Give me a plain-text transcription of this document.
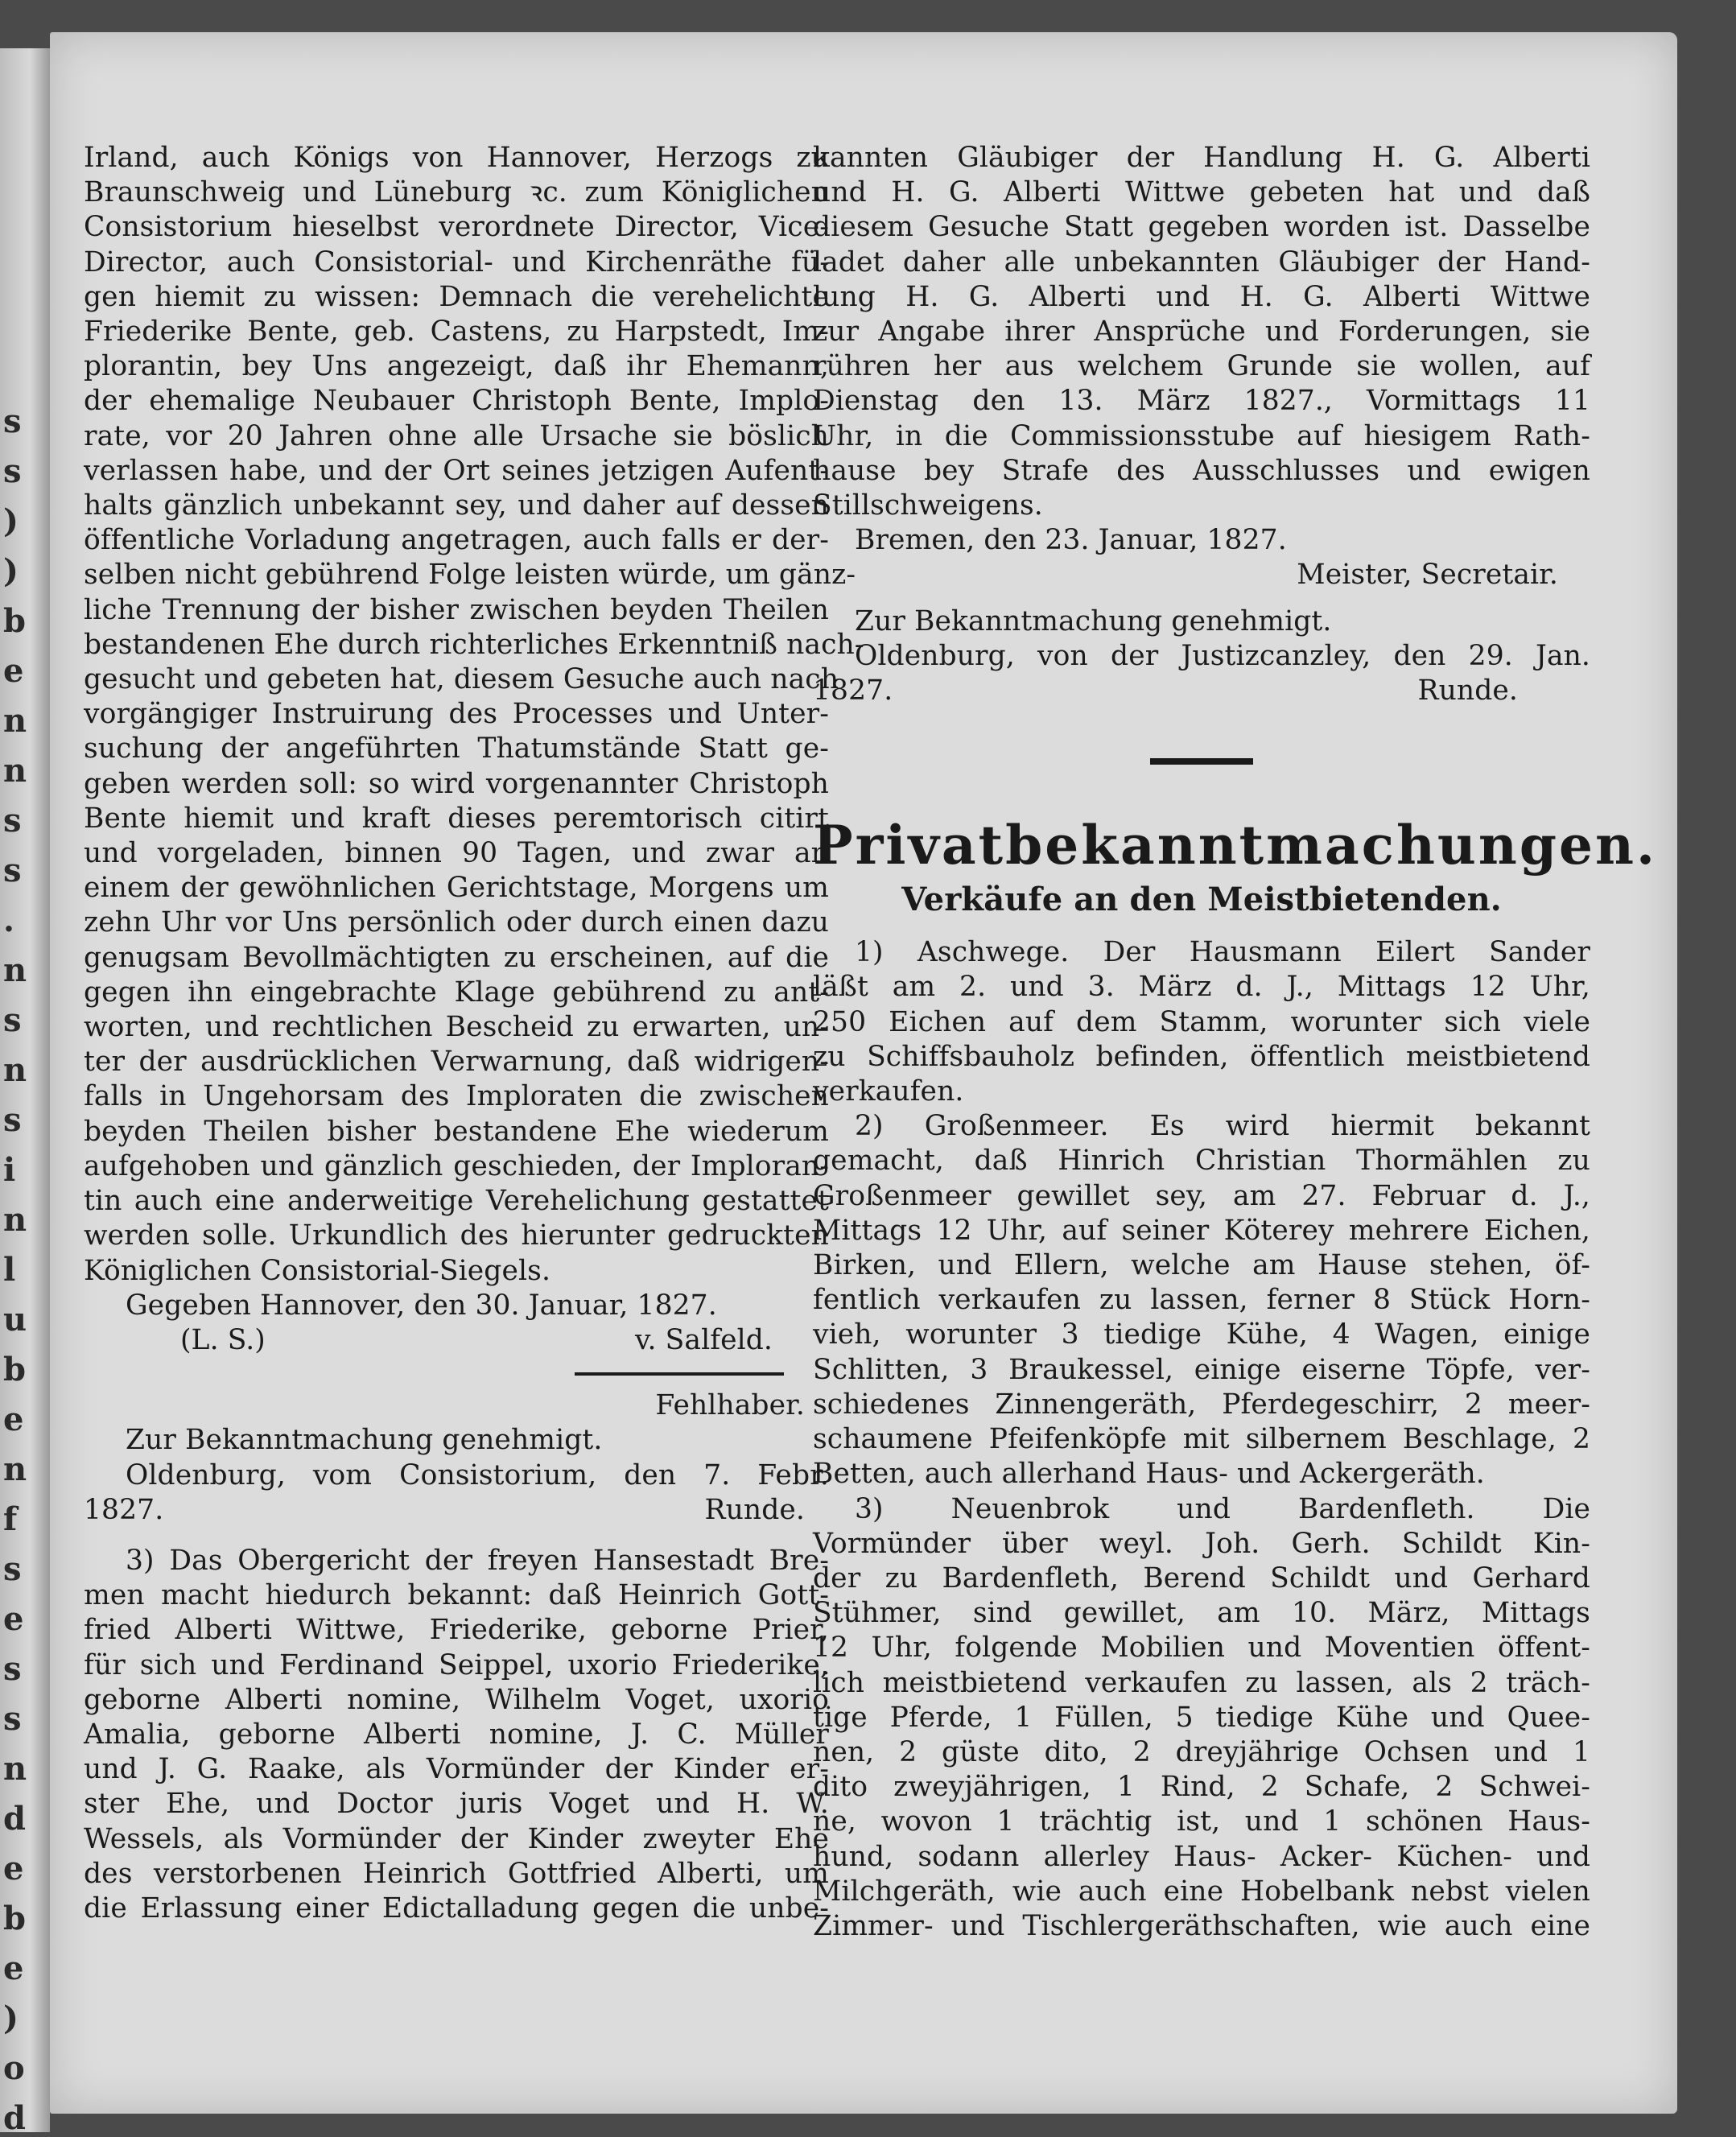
s
s
)
)
b
e
n
n
s
s
.
n
s
n
s
i
n
l
u
b
e
n
f
s
e
s
s
n
d
e
b
e
)
o
d
Irland, auch Königs von Hannover, Herzogs zu
Braunschweig und Lüneburg ꝛc. zum Königlichen
Consistorium hieselbst verordnete Director, Vice-
Director, auch Consistorial- und Kirchenräthe fü-
gen hiemit zu wissen: Demnach die verehelichte
Friederike Bente, geb. Castens, zu Harpstedt, Im-
plorantin, bey Uns angezeigt, daß ihr Ehemann,
der ehemalige Neubauer Christoph Bente, Implo-
rate, vor 20 Jahren ohne alle Ursache sie böslich
verlassen habe, und der Ort seines jetzigen Aufent-
halts gänzlich unbekannt sey, und daher auf dessen
öffentliche Vorladung angetragen, auch falls er der-
selben nicht gebührend Folge leisten würde, um gänz-
liche Trennung der bisher zwischen beyden Theilen
bestandenen Ehe durch richterliches Erkenntniß nach-
gesucht und gebeten hat, diesem Gesuche auch nach
vorgängiger Instruirung des Processes und Unter-
suchung der angeführten Thatumstände Statt ge-
geben werden soll: so wird vorgenannter Christoph
Bente hiemit und kraft dieses peremtorisch citirt
und vorgeladen, binnen 90 Tagen, und zwar an
einem der gewöhnlichen Gerichtstage, Morgens um
zehn Uhr vor Uns persönlich oder durch einen dazu
genugsam Bevollmächtigten zu erscheinen, auf die
gegen ihn eingebrachte Klage gebührend zu ant-
worten, und rechtlichen Bescheid zu erwarten, un-
ter der ausdrücklichen Verwarnung, daß widrigen-
falls in Ungehorsam des Imploraten die zwischen
beyden Theilen bisher bestandene Ehe wiederum
aufgehoben und gänzlich geschieden, der Imploran-
tin auch eine anderweitige Verehelichung gestattet
werden solle. Urkundlich des hierunter gedruckten
Königlichen Consistorial-Siegels.
Gegeben Hannover, den 30. Januar, 1827.
(L. S.)	v. Salfeld.
Fehlhaber.
Zur Bekanntmachung genehmigt.
Oldenburg, vom Consistorium, den 7. Febr.
1827.	Runde.
3) Das Obergericht der freyen Hansestadt Bre-
men macht hiedurch bekannt: daß Heinrich Gott-
fried Alberti Wittwe, Friederike, geborne Prier,
für sich und Ferdinand Seippel, uxorio Friederike,
geborne Alberti nomine, Wilhelm Voget, uxorio
Amalia, geborne Alberti nomine, J. C. Müller
und J. G. Raake, als Vormünder der Kinder er-
ster Ehe, und Doctor juris Voget und H. W.
Wessels, als Vormünder der Kinder zweyter Ehe
des verstorbenen Heinrich Gottfried Alberti, um
die Erlassung einer Edictalladung gegen die unbe-
kannten Gläubiger der Handlung H. G. Alberti
und H. G. Alberti Wittwe gebeten hat und daß
diesem Gesuche Statt gegeben worden ist. Dasselbe
ladet daher alle unbekannten Gläubiger der Hand-
lung H. G. Alberti und H. G. Alberti Wittwe
zur Angabe ihrer Ansprüche und Forderungen, sie
rühren her aus welchem Grunde sie wollen, auf
Dienstag den 13. März 1827., Vormittags 11
Uhr, in die Commissionsstube auf hiesigem Rath-
hause bey Strafe des Ausschlusses und ewigen
Stillschweigens.
Bremen, den 23. Januar, 1827.
Meister, Secretair.
Zur Bekanntmachung genehmigt.
Oldenburg, von der Justizcanzley, den 29. Jan.
1827.	Runde.
Privatbekanntmachungen.
Verkäufe an den Meistbietenden.
1) Aschwege. Der Hausmann Eilert Sander
läßt am 2. und 3. März d. J., Mittags 12 Uhr,
250 Eichen auf dem Stamm, worunter sich viele
zu Schiffsbauholz befinden, öffentlich meistbietend
verkaufen.
2) Großenmeer. Es wird hiermit bekannt
gemacht, daß Hinrich Christian Thormählen zu
Großenmeer gewillet sey, am 27. Februar d. J.,
Mittags 12 Uhr, auf seiner Köterey mehrere Eichen,
Birken, und Ellern, welche am Hause stehen, öf-
fentlich verkaufen zu lassen, ferner 8 Stück Horn-
vieh, worunter 3 tiedige Kühe, 4 Wagen, einige
Schlitten, 3 Braukessel, einige eiserne Töpfe, ver-
schiedenes Zinnengeräth, Pferdegeschirr, 2 meer-
schaumene Pfeifenköpfe mit silbernem Beschlage, 2
Betten, auch allerhand Haus- und Ackergeräth.
3) Neuenbrok und Bardenfleth. Die
Vormünder über weyl. Joh. Gerh. Schildt Kin-
der zu Bardenfleth, Berend Schildt und Gerhard
Stühmer, sind gewillet, am 10. März, Mittags
12 Uhr, folgende Mobilien und Moventien öffent-
lich meistbietend verkaufen zu lassen, als 2 träch-
tige Pferde, 1 Füllen, 5 tiedige Kühe und Quee-
nen, 2 güste dito, 2 dreyjährige Ochsen und 1
dito zweyjährigen, 1 Rind, 2 Schafe, 2 Schwei-
ne, wovon 1 trächtig ist, und 1 schönen Haus-
hund, sodann allerley Haus- Acker- Küchen- und
Milchgeräth, wie auch eine Hobelbank nebst vielen
Zimmer- und Tischlergeräthschaften, wie auch eine
